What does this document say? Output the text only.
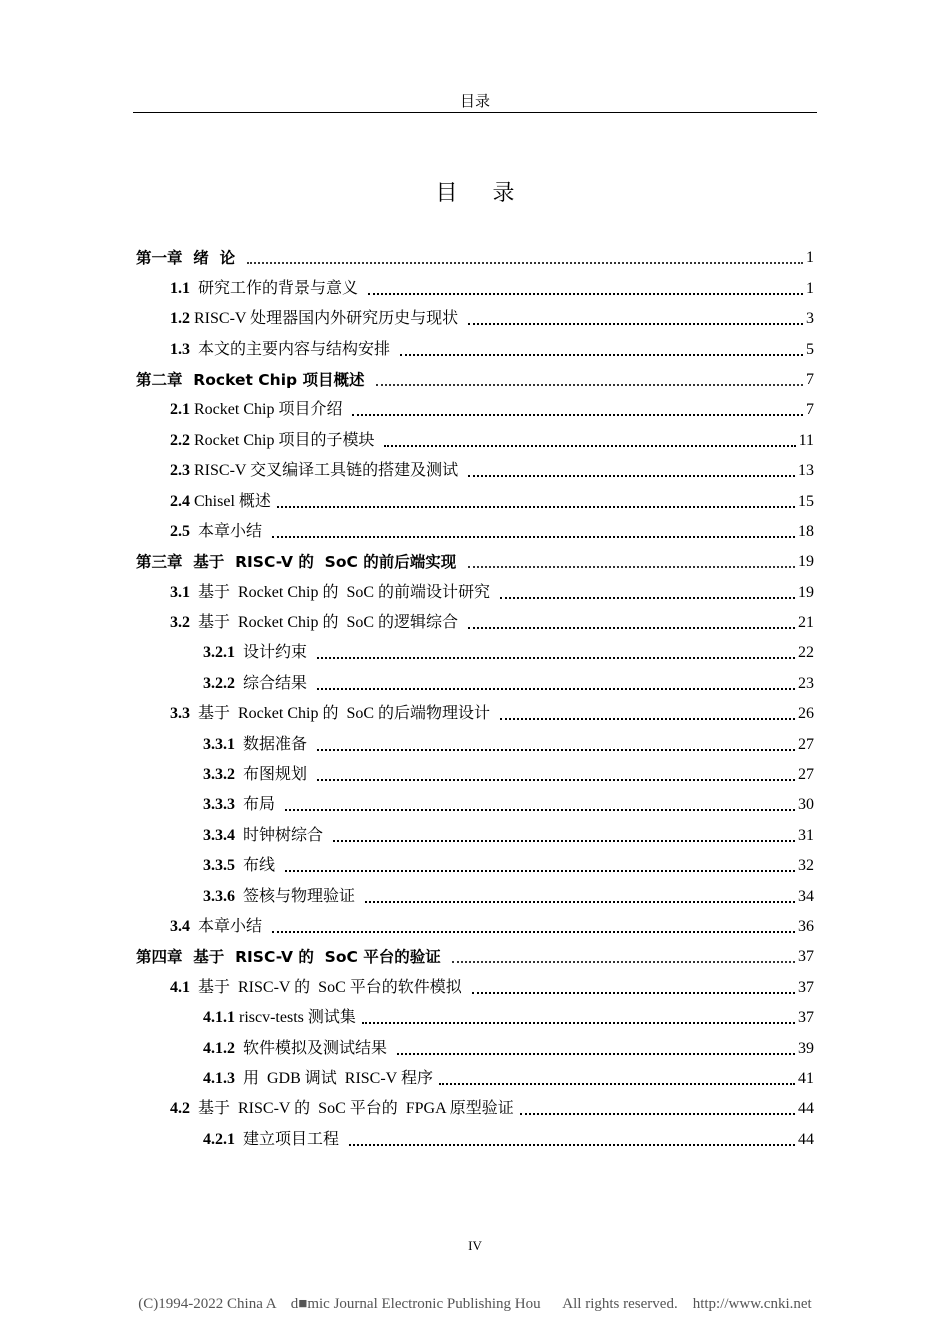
目录
目 录
第一章 绪  论	1
1.1 研究工作的背景与意义	1
1.2 RISC-V 处理器国内外研究历史与现状	3
1.3 本文的主要内容与结构安排	5
第二章 Rocket Chip 项目概述	7
2.1 Rocket Chip 项目介绍	7
2.2 Rocket Chip 项目的子模块	11
2.3 RISC-V 交叉编译工具链的搭建及测试	13
2.4 Chisel 概述	15
2.5 本章小结	18
第三章 基于  RISC-V 的  SoC 的前后端实现	19
3.1 基于  Rocket Chip 的  SoC 的前端设计研究	19
3.2 基于  Rocket Chip 的  SoC 的逻辑综合	21
3.2.1 设计约束	22
3.2.2 综合结果	23
3.3 基于  Rocket Chip 的  SoC 的后端物理设计	26
3.3.1 数据准备	27
3.3.2 布图规划	27
3.3.3 布局	30
3.3.4 时钟树综合	31
3.3.5 布线	32
3.3.6 签核与物理验证	34
3.4 本章小结	36
第四章 基于  RISC-V 的  SoC 平台的验证	37
4.1 基于  RISC-V 的  SoC 平台的软件模拟	37
4.1.1 riscv-tests 测试集	37
4.1.2 软件模拟及测试结果	39
4.1.3 用  GDB 调试  RISC-V 程序	41
4.2 基于  RISC-V 的  SoC 平台的  FPGA 原型验证	44
4.2.1 建立项目工程	44
IV
(C)1994-2022 China A    d■mic Journal Electronic Publishing Hou      All rights reserved.    http://www.cnki.net
